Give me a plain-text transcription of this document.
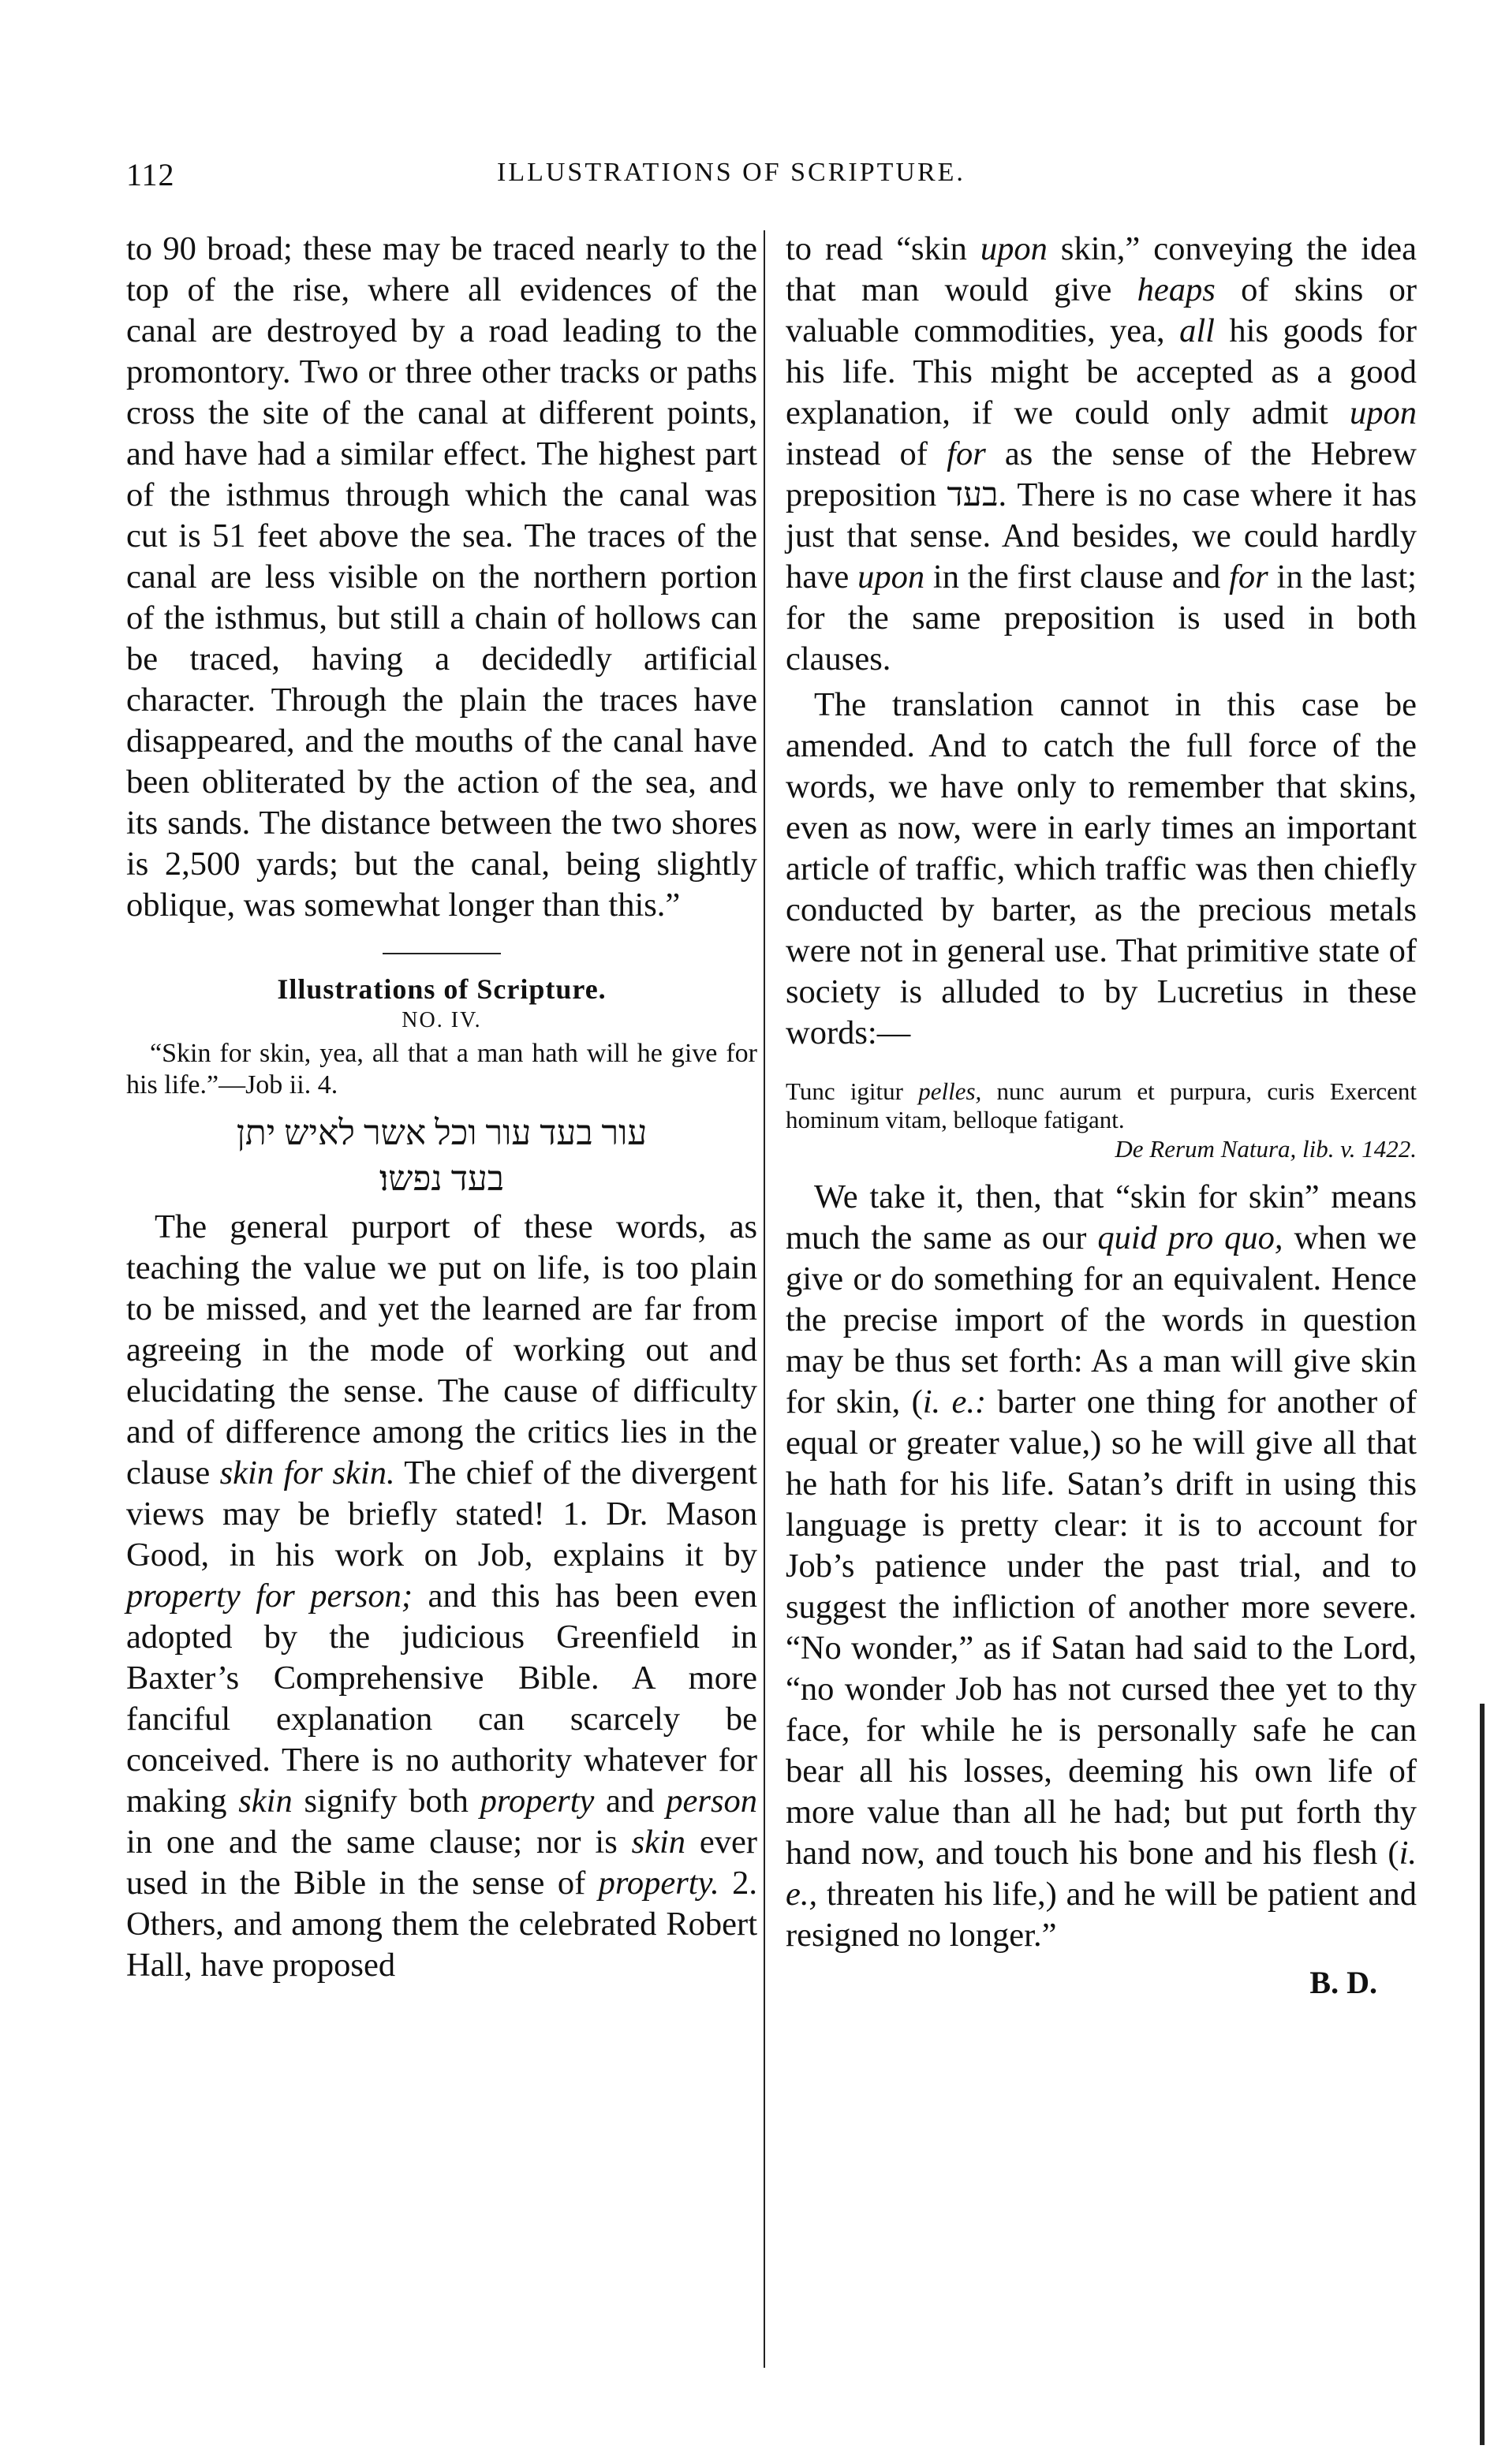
112	ILLUSTRATIONS OF SCRIPTURE.

to 90 broad; these may be traced nearly to the top of the rise, where all evidences of the canal are destroyed by a road leading to the promontory. Two or three other tracks or paths cross the site of the canal at different points, and have had a similar effect. The highest part of the isthmus through which the canal was cut is 51 feet above the sea. The traces of the canal are less visible on the northern portion of the isthmus, but still a chain of hollows can be traced, having a decidedly artificial character. Through the plain the traces have disappeared, and the mouths of the canal have been obliterated by the action of the sea, and its sands. The distance between the two shores is 2,500 yards; but the canal, being slightly oblique, was somewhat longer than this.”

Illustrations of Scripture.
NO. IV.

“Skin for skin, yea, all that a man hath will he give for his life.”—Job ii. 4.

עור בעד עור וכל אשר לאיש יתן
בעד נפשו׃

The general purport of these words, as teaching the value we put on life, is too plain to be missed, and yet the learned are far from agreeing in the mode of working out and elucidating the sense. The cause of difficulty and of difference among the critics lies in the clause skin for skin. The chief of the divergent views may be briefly stated! 1. Dr. Mason Good, in his work on Job, explains it by property for person; and this has been even adopted by the judicious Greenfield in Baxter’s Comprehensive Bible. A more fanciful explanation can scarcely be conceived. There is no authority whatever for making skin signify both property and person in one and the same clause; nor is skin ever used in the Bible in the sense of property. 2. Others, and among them the celebrated Robert Hall, have proposed

to read “skin upon skin,” conveying the idea that man would give heaps of skins or valuable commodities, yea, all his goods for his life. This might be accepted as a good explanation, if we could only admit upon instead of for as the sense of the Hebrew preposition בעד. There is no case where it has just that sense. And besides, we could hardly have upon in the first clause and for in the last; for the same preposition is used in both clauses.

The translation cannot in this case be amended. And to catch the full force of the words, we have only to remember that skins, even as now, were in early times an important article of traffic, which traffic was then chiefly conducted by barter, as the precious metals were not in general use. That primitive state of society is alluded to by Lucretius in these words:—

Tunc igitur pelles, nunc aurum et purpura, curis Exercent hominum vitam, belloque fatigant.

De Rerum Natura, lib. v. 1422.

We take it, then, that “skin for skin” means much the same as our quid pro quo, when we give or do something for an equivalent. Hence the precise import of the words in question may be thus set forth: As a man will give skin for skin, (i. e.: barter one thing for another of equal or greater value,) so he will give all that he hath for his life. Satan’s drift in using this language is pretty clear: it is to account for Job’s patience under the past trial, and to suggest the infliction of another more severe. “No wonder,” as if Satan had said to the Lord, “no wonder Job has not cursed thee yet to thy face, for while he is personally safe he can bear all his losses, deeming his own life of more value than all he had; but put forth thy hand now, and touch his bone and his flesh (i. e., threaten his life,) and he will be patient and resigned no longer.”

B. D.
